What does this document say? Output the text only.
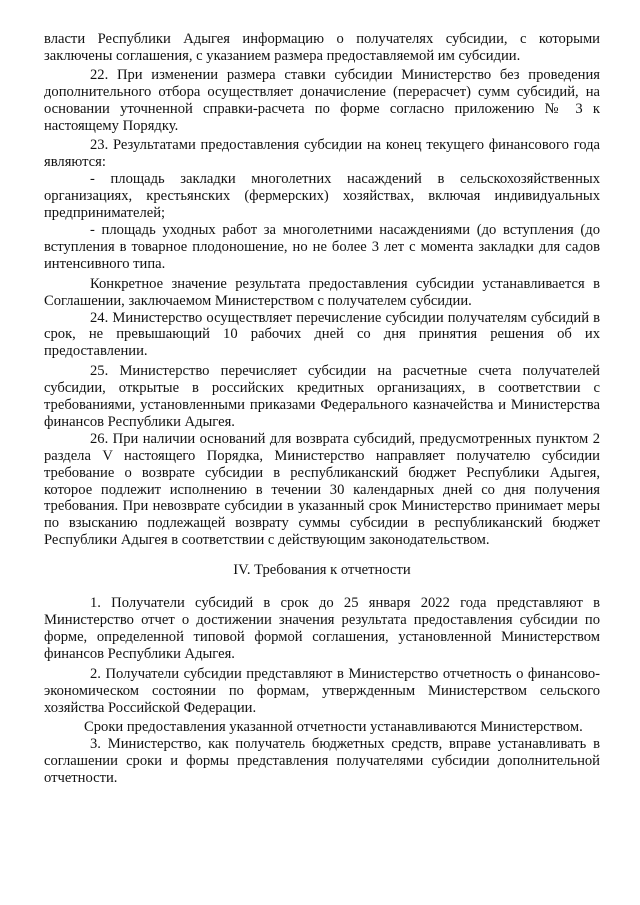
власти Республики Адыгея информацию о получателях субсидии, с которыми заключены соглашения, с указанием размера предоставляемой им субсидии.

22. При изменении размера ставки субсидии Министерство без проведения дополнительного отбора осуществляет доначисление (перерасчет) сумм субсидий, на основании уточненной справки-расчета по форме согласно приложению № 3 к настоящему Порядку.

23. Результатами предоставления субсидии на конец текущего финансового года являются:

- площадь закладки многолетних насаждений в сельскохозяйственных организациях, крестьянских (фермерских) хозяйствах, включая индивидуальных предпринимателей;

- площадь уходных работ за многолетними насаждениями (до вступления (до вступления в товарное плодоношение, но не более 3 лет с момента закладки для садов интенсивного типа.

Конкретное значение результата предоставления субсидии устанавливается в Соглашении, заключаемом Министерством с получателем субсидии.

24. Министерство осуществляет перечисление субсидии получателям субсидий в срок, не превышающий 10 рабочих дней со дня принятия решения об их предоставлении.

25. Министерство перечисляет субсидии на расчетные счета получателей субсидии, открытые в российских кредитных организациях, в соответствии с требованиями, установленными приказами Федерального казначейства и Министерства финансов Республики Адыгея.

26. При наличии оснований для возврата субсидий, предусмотренных пунктом 2 раздела V настоящего Порядка, Министерство направляет получателю субсидии требование о возврате субсидии в республиканский бюджет Республики Адыгея, которое подлежит исполнению в течении 30 календарных дней со дня получения требования. При невозврате субсидии в указанный срок Министерство принимает меры по взысканию подлежащей возврату суммы субсидии в республиканский бюджет Республики Адыгея в соответствии с действующим законодательством.

IV. Требования к отчетности

1. Получатели субсидий в срок до 25 января 2022 года представляют в Министерство отчет о достижении значения результата предоставления субсидии по форме, определенной типовой формой соглашения, установленной Министерством финансов Республики Адыгея.

2. Получатели субсидии представляют в Министерство отчетность о финансово-экономическом состоянии по формам, утвержденным Министерством сельского хозяйства Российской Федерации.

Сроки предоставления указанной отчетности устанавливаются Министерством.

3. Министерство, как получатель бюджетных средств, вправе устанавливать в соглашении сроки и формы представления получателями субсидии дополнительной отчетности.
